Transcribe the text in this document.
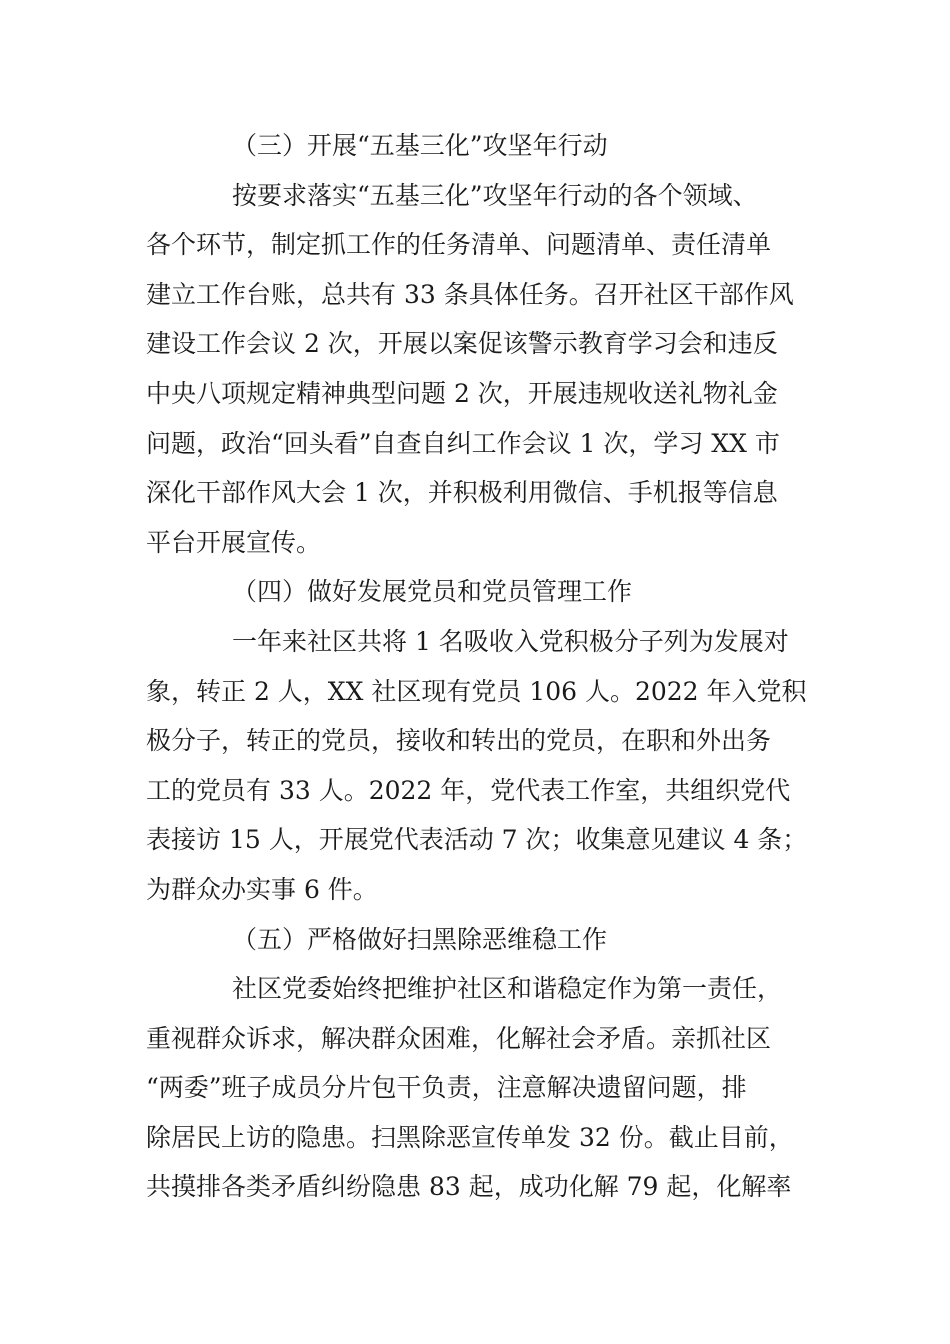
（三）开展“五基三化”攻坚年行动

按要求落实“五基三化”攻坚年行动的各个领域、
各个环节，制定抓工作的任务清单、问题清单、责任清单
建立工作台账，总共有 33 条具体任务。召开社区干部作风
建设工作会议 2 次，开展以案促该警示教育学习会和违反
中央八项规定精神典型问题 2 次，开展违规收送礼物礼金
问题，政治“回头看”自查自纠工作会议 1 次，学习 XX 市
深化干部作风大会 1 次，并积极利用微信、手机报等信息
平台开展宣传。

（四）做好发展党员和党员管理工作

一年来社区共将 1 名吸收入党积极分子列为发展对
象，转正 2 人，XX 社区现有党员 106 人。2022 年入党积
极分子，转正的党员，接收和转出的党员，在职和外出务
工的党员有 33 人。2022 年，党代表工作室，共组织党代
表接访 15 人，开展党代表活动 7 次；收集意见建议 4 条；
为群众办实事 6 件。

（五）严格做好扫黑除恶维稳工作

社区党委始终把维护社区和谐稳定作为第一责任，
重视群众诉求，解决群众困难，化解社会矛盾。亲抓社区
“两委”班子成员分片包干负责，注意解决遗留问题，排
除居民上访的隐患。扫黑除恶宣传单发 32 份。截止目前，
共摸排各类矛盾纠纷隐患 83 起，成功化解 79 起，化解率
